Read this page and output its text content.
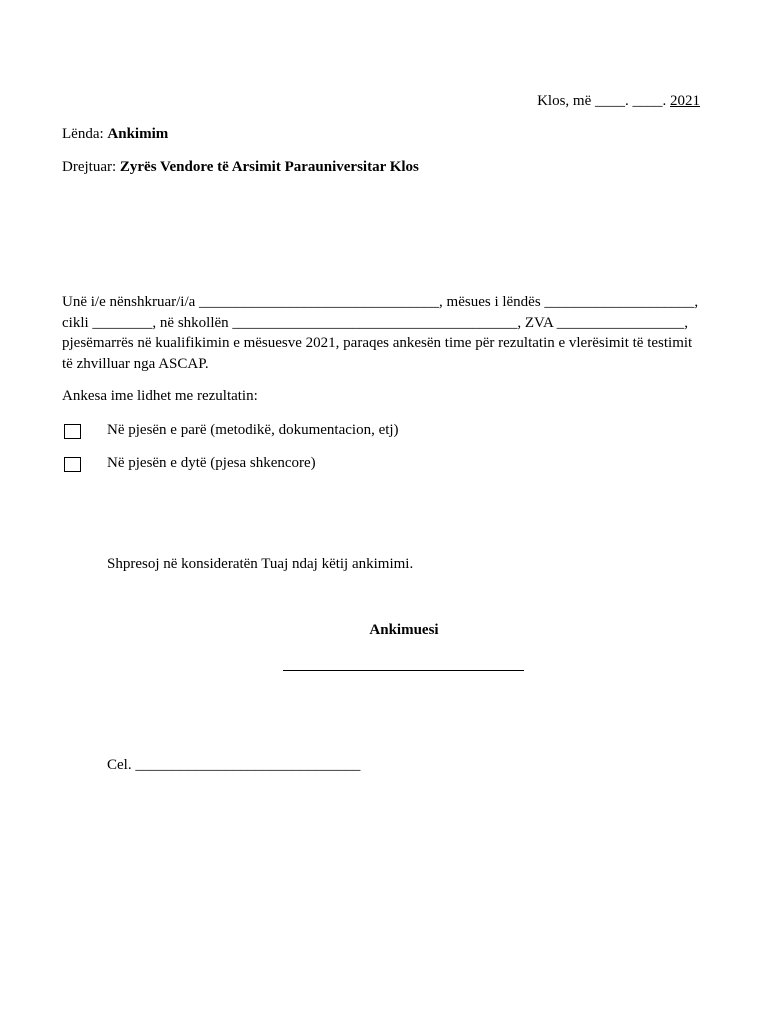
Klos, më ____. ____. 2021
Lënda: Ankimim
Drejtuar: Zyrës Vendore të Arsimit Parauniversitar Klos
Unë i/e nënshkruar/i/a ________________________________, mësues i lëndës ____________________,
cikli ________, në shkollën ______________________________________, ZVA _________________,
pjesëmarrës në kualifikimin e mësuesve 2021, paraqes ankesën time për rezultatin e vlerësimit të testimit
të zhvilluar nga ASCAP.
Ankesa ime lidhet me rezultatin:
Në pjesën e parë (metodikë, dokumentacion, etj)
Në pjesën e dytë (pjesa shkencore)
Shpresoj në konsideratën Tuaj ndaj këtij ankimimi.
Ankimuesi
Cel. ______________________________
